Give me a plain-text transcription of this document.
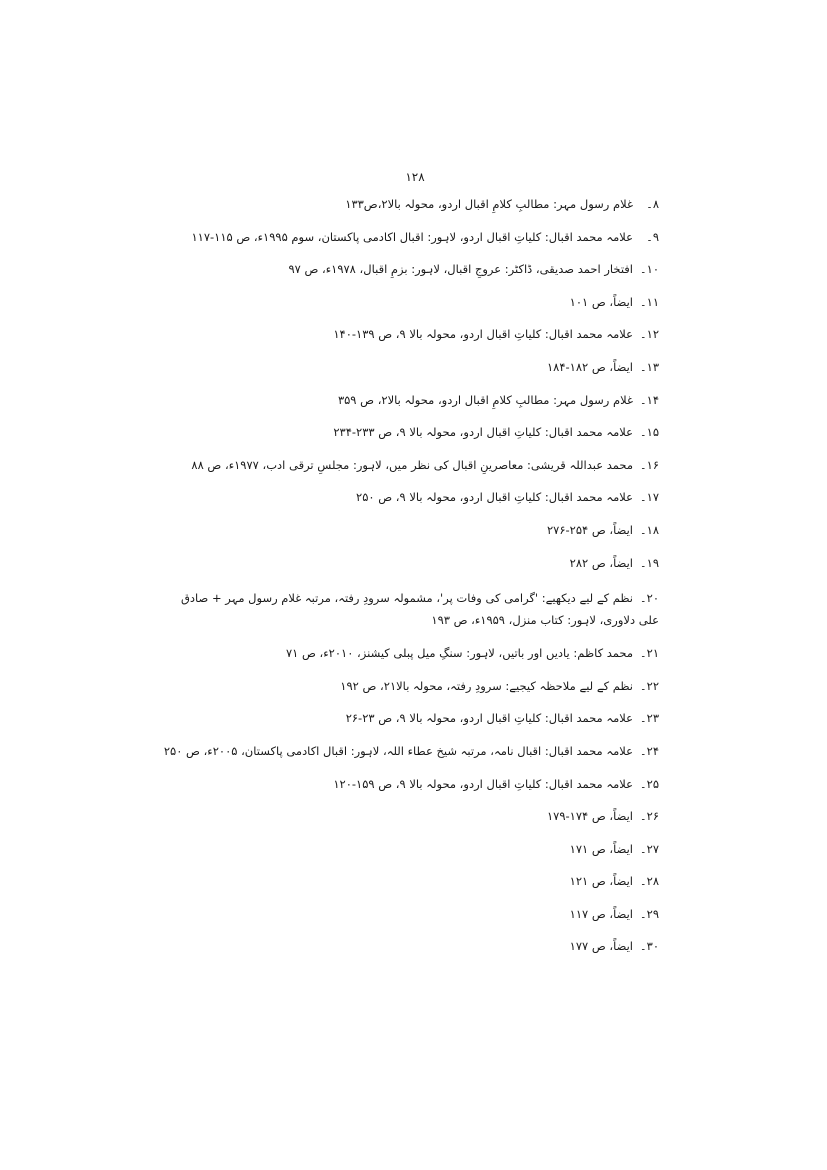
۱۲۸
۸۔غلام رسول مہر: مطالبِ کلامِ اقبال اردو، محولہ بالا۲،ص۱۳۳
۹۔علامہ محمد اقبال: کلیاتِ اقبال اردو، لاہور: اقبال اکادمی پاکستان، سوم ۱۹۹۵ء، ص ۱۱۵-۱۱۷
۱۰۔افتخار احمد صدیقی، ڈاکٹر: عروجِ اقبال، لاہور: بزمِ اقبال، ۱۹۷۸ء، ص ۹۷
۱۱۔ایضاً، ص ۱۰۱
۱۲۔علامہ محمد اقبال: کلیاتِ اقبال اردو، محولہ بالا ۹، ص ۱۳۹-۱۴۰
۱۳۔ایضاً، ص ۱۸۲-۱۸۴
۱۴۔غلام رسول مہر: مطالبِ کلامِ اقبال اردو، محولہ بالا۲، ص ۳۵۹
۱۵۔علامہ محمد اقبال: کلیاتِ اقبال اردو، محولہ بالا ۹، ص ۲۳۳-۲۳۴
۱۶۔محمد عبداللہ قریشی: معاصرینِ اقبال کی نظر میں، لاہور: مجلسِ ترقی ادب، ۱۹۷۷ء، ص ۸۸
۱۷۔علامہ محمد اقبال: کلیاتِ اقبال اردو، محولہ بالا ۹، ص ۲۵۰
۱۸۔ایضاً، ص ۲۵۴-۲۷۶
۱۹۔ایضاً، ص ۲۸۲
۲۰۔نظم کے لیے دیکھیے: 'گرامی کی وفات پر'، مشمولہ سرودِ رفتہ، مرتبہ غلام رسول مہر + صادق علی دلاوری، لاہور: کتاب منزل، ۱۹۵۹ء، ص ۱۹۳
۲۱۔محمد کاظم: یادیں اور باتیں، لاہور: سنگِ میل پبلی کیشنز، ۲۰۱۰ء، ص ۷۱
۲۲۔نظم کے لیے ملاحظہ کیجیے: سرودِ رفتہ، محولہ بالا۲۱، ص ۱۹۲
۲۳۔علامہ محمد اقبال: کلیاتِ اقبال اردو، محولہ بالا ۹، ص ۲۳-۲۶
۲۴۔علامہ محمد اقبال: اقبال نامہ، مرتبہ شیخ عطاء اللہ، لاہور: اقبال اکادمی پاکستان، ۲۰۰۵ء، ص ۲۵۰
۲۵۔علامہ محمد اقبال: کلیاتِ اقبال اردو، محولہ بالا ۹، ص ۱۵۹-۱۲۰
۲۶۔ایضاً، ص ۱۷۴-۱۷۹
۲۷۔ایضاً، ص ۱۷۱
۲۸۔ایضاً، ص ۱۲۱
۲۹۔ایضاً، ص ۱۱۷
۳۰۔ایضاً، ص ۱۷۷
